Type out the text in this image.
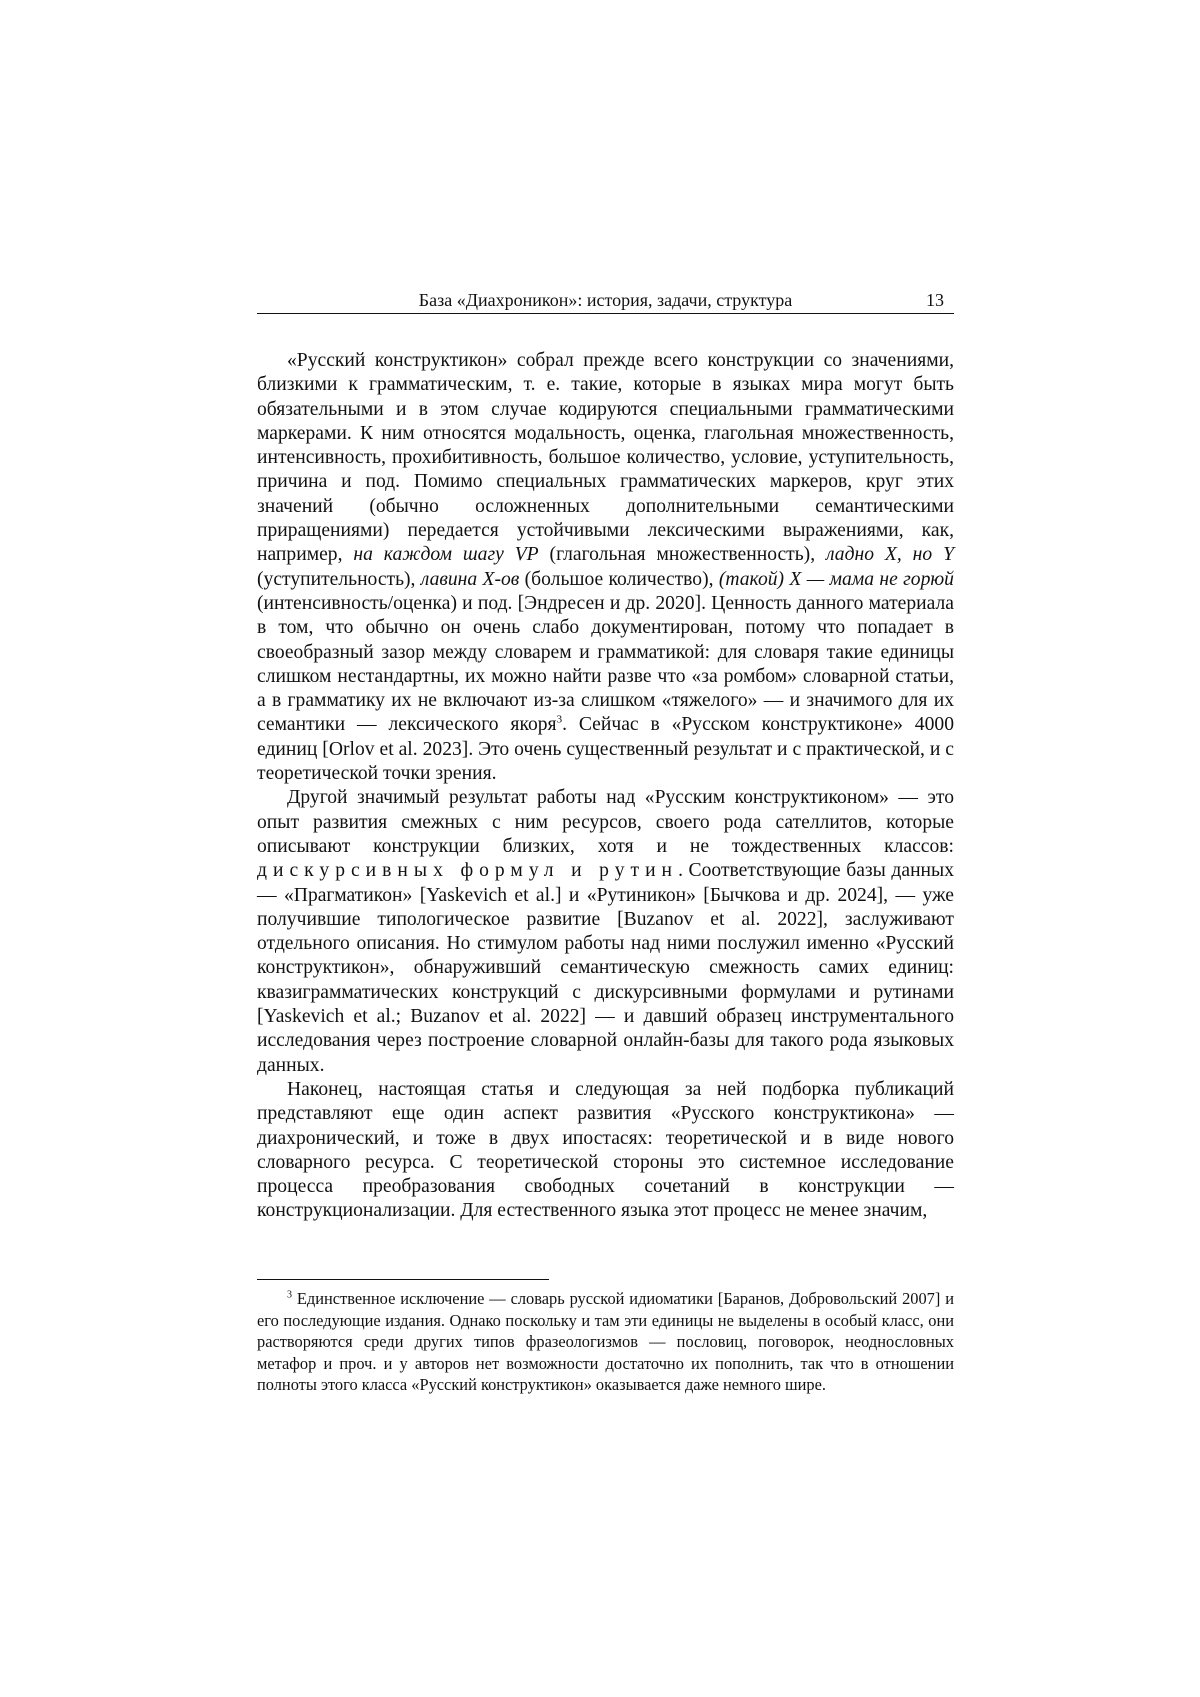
База «Диахроникон»: история, задачи, структура	13

«Русский конструктикон» собрал прежде всего конструкции со значениями, близкими к грамматическим, т. е. такие, которые в языках мира могут быть обязательными и в этом случае кодируются специальными грамматическими маркерами. К ним относятся модальность, оценка, глагольная множественность, интенсивность, прохибитивность, большое количество, условие, уступительность, причина и под. Помимо специальных грамматических маркеров, круг этих значений (обычно осложненных дополнительными семантическими приращениями) передается устойчивыми лексическими выражениями, как, например, на каждом шагу VP (глагольная множественность), ладно X, но Y (уступительность), лавина X-ов (большое количество), (такой) X — мама не горюй (интенсивность/оценка) и под. [Эндресен и др. 2020]. Ценность данного материала в том, что обычно он очень слабо документирован, потому что попадает в своеобразный зазор между словарем и грамматикой: для словаря такие единицы слишком нестандартны, их можно найти разве что «за ромбом» словарной статьи, а в грамматику их не включают из-за слишком «тяжелого» — и значимого для их семантики — лексического якоря$^3$. Сейчас в «Русском конструктиконе» 4000 единиц [Orlov et al. 2023]. Это очень существенный результат и с практической, и с теоретической точки зрения.

Другой значимый результат работы над «Русским конструктиконом» — это опыт развития смежных с ним ресурсов, своего рода сателлитов, которые описывают конструкции близких, хотя и не тождественных классов: дискурсивных формул и рутин. Соответствующие базы данных — «Прагматикон» [Yaskevich et al.] и «Рутиникон» [Бычкова и др. 2024], — уже получившие типологическое развитие [Buzanov et al. 2022], заслуживают отдельного описания. Но стимулом работы над ними послужил именно «Русский конструктикон», обнаруживший семантическую смежность самих единиц: квазиграмматических конструкций с дискурсивными формулами и рутинами [Yaskevich et al.; Buzanov et al. 2022] — и давший образец инструментального исследования через построение словарной онлайн-базы для такого рода языковых данных.

Наконец, настоящая статья и следующая за ней подборка публикаций представляют еще один аспект развития «Русского конструктикона» — диахронический, и тоже в двух ипостасях: теоретической и в виде нового словарного ресурса. С теоретической стороны это системное исследование процесса преобразования свободных сочетаний в конструкции — конструкционализации. Для естественного языка этот процесс не менее значим,

$^3$ Единственное исключение — словарь русской идиоматики [Баранов, Добровольский 2007] и его последующие издания. Однако поскольку и там эти единицы не выделены в особый класс, они растворяются среди других типов фразеологизмов — пословиц, поговорок, неоднословных метафор и проч. и у авторов нет возможности достаточно их пополнить, так что в отношении полноты этого класса «Русский конструктикон» оказывается даже немного шире.
